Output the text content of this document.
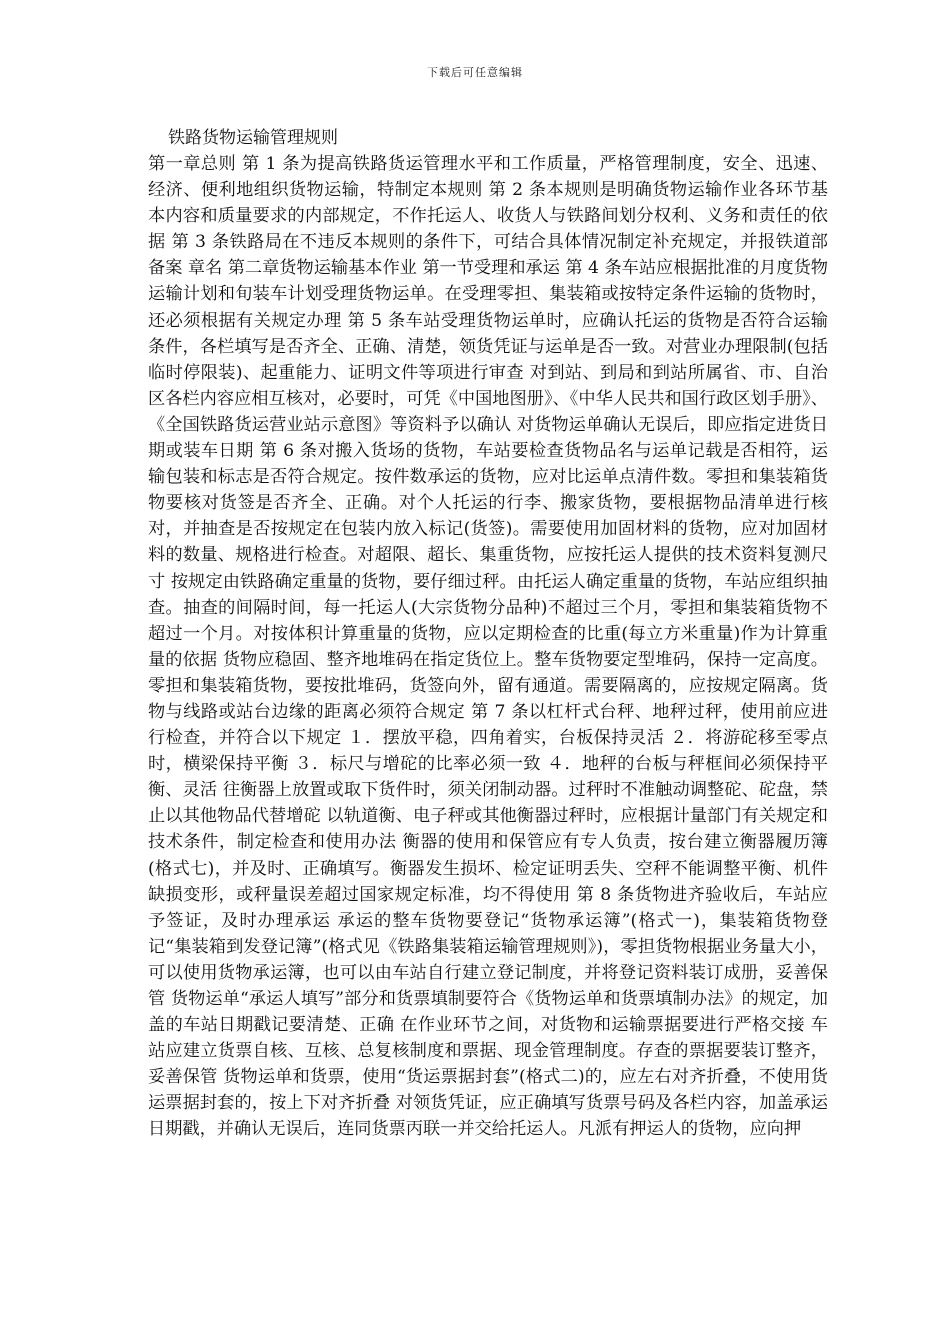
下载后可任意编辑
铁路货物运输管理规则

第一章总则 第 1 条为提高铁路货运管理水平和工作质量，严格管理制度，安全、迅速、经济、便利地组织货物运输，特制定本规则 第 2 条本规则是明确货物运输作业各环节基本内容和质量要求的内部规定，不作托运人、收货人与铁路间划分权利、义务和责任的依据 第 3 条铁路局在不违反本规则的条件下，可结合具体情况制定补充规定，并报铁道部备案 章名 第二章货物运输基本作业 第一节受理和承运 第 4 条车站应根据批准的月度货物运输计划和旬装车计划受理货物运单。在受理零担、集装箱或按特定条件运输的货物时，还必须根据有关规定办理 第 5 条车站受理货物运单时，应确认托运的货物是否符合运输条件，各栏填写是否齐全、正确、清楚，领货凭证与运单是否一致。对营业办理限制(包括临时停限装)、起重能力、证明文件等项进行审查 对到站、到局和到站所属省、市、自治区各栏内容应相互核对，必要时，可凭《中国地图册》、《中华人民共和国行政区划手册》、《全国铁路货运营业站示意图》等资料予以确认 对货物运单确认无误后，即应指定进货日期或装车日期 第 6 条对搬入货场的货物，车站要检查货物品名与运单记载是否相符，运输包装和标志是否符合规定。按件数承运的货物，应对比运单点清件数。零担和集装箱货物要核对货签是否齐全、正确。对个人托运的行李、搬家货物，要根据物品清单进行核对，并抽查是否按规定在包装内放入标记(货签)。需要使用加固材料的货物，应对加固材料的数量、规格进行检查。对超限、超长、集重货物，应按托运人提供的技术资料复测尺寸 按规定由铁路确定重量的货物，要仔细过秤。由托运人确定重量的货物，车站应组织抽查。抽查的间隔时间，每一托运人(大宗货物分品种)不超过三个月，零担和集装箱货物不超过一个月。对按体积计算重量的货物，应以定期检查的比重(每立方米重量)作为计算重量的依据 货物应稳固、整齐地堆码在指定货位上。整车货物要定型堆码，保持一定高度。零担和集装箱货物，要按批堆码，货签向外，留有通道。需要隔离的，应按规定隔离。货物与线路或站台边缘的距离必须符合规定 第 7 条以杠杆式台秤、地秤过秤，使用前应进行检查，并符合以下规定 １．摆放平稳，四角着实，台板保持灵活 ２．将游砣移至零点时，横梁保持平衡 ３．标尺与增砣的比率必须一致 ４．地秤的台板与秤框间必须保持平衡、灵活 往衡器上放置或取下货件时，须关闭制动器。过秤时不准触动调整砣、砣盘，禁止以其他物品代替增砣 以轨道衡、电子秤或其他衡器过秤时，应根据计量部门有关规定和技术条件，制定检查和使用办法 衡器的使用和保管应有专人负责，按台建立衡器履历簿(格式七)，并及时、正确填写。衡器发生损坏、检定证明丢失、空秤不能调整平衡、机件缺损变形，或秤量误差超过国家规定标准，均不得使用 第 8 条货物进齐验收后，车站应予签证，及时办理承运 承运的整车货物要登记“货物承运簿”(格式一)，集装箱货物登记“集装箱到发登记簿”(格式见《铁路集装箱运输管理规则》)，零担货物根据业务量大小，可以使用货物承运簿，也可以由车站自行建立登记制度，并将登记资料装订成册，妥善保管 货物运单“承运人填写”部分和货票填制要符合《货物运单和货票填制办法》的规定，加盖的车站日期戳记要清楚、正确 在作业环节之间，对货物和运输票据要进行严格交接 车站应建立货票自核、互核、总复核制度和票据、现金管理制度。存查的票据要装订整齐，妥善保管 货物运单和货票，使用“货运票据封套”(格式二)的，应左右对齐折叠，不使用货运票据封套的，按上下对齐折叠 对领货凭证，应正确填写货票号码及各栏内容，加盖承运日期戳，并确认无误后，连同货票丙联一并交给托运人。凡派有押运人的货物，应向押
